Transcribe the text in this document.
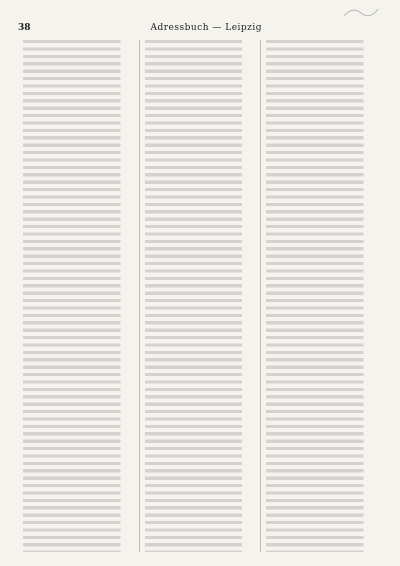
38	Adressbuch — Leipzig
